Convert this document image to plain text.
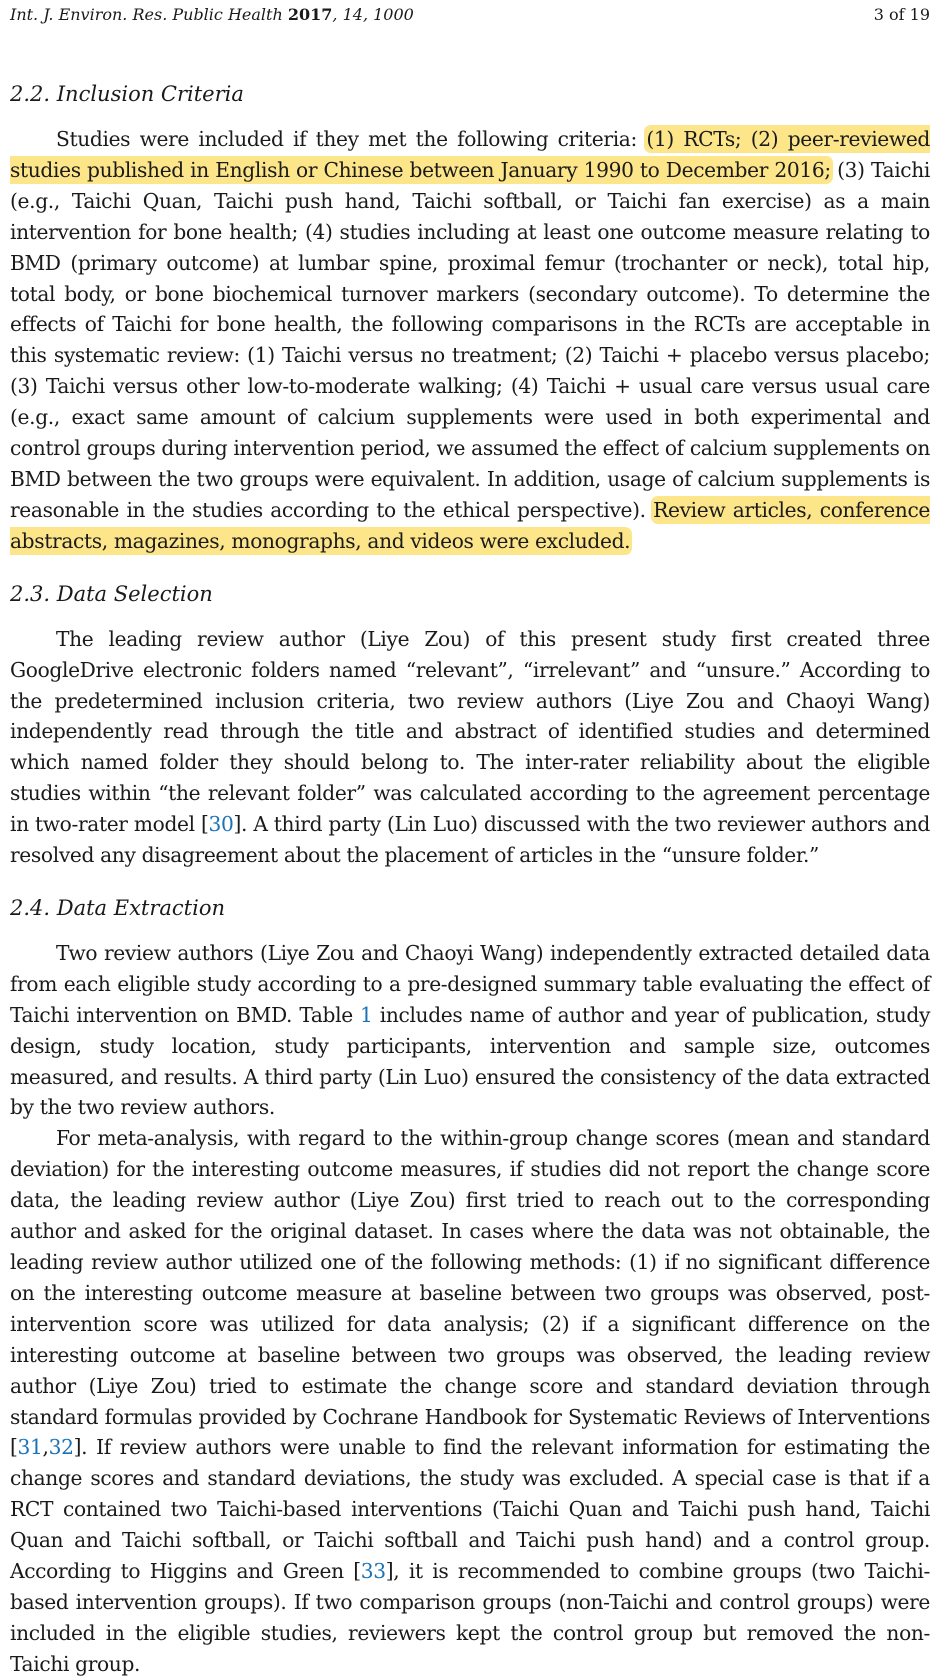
Int. J. Environ. Res. Public Health 2017, 14, 1000	3 of 19
2.2. Inclusion Criteria

Studies were included if they met the following criteria: (1) RCTs; (2) peer-reviewed studies published in English or Chinese between January 1990 to December 2016; (3) Taichi (e.g., Taichi Quan, Taichi push hand, Taichi softball, or Taichi fan exercise) as a main intervention for bone health; (4) studies including at least one outcome measure relating to BMD (primary outcome) at lumbar spine, proximal femur (trochanter or neck), total hip, total body, or bone biochemical turnover markers (secondary outcome). To determine the effects of Taichi for bone health, the following comparisons in the RCTs are acceptable in this systematic review: (1) Taichi versus no treatment; (2) Taichi + placebo versus placebo; (3) Taichi versus other low-to-moderate walking; (4) Taichi + usual care versus usual care (e.g., exact same amount of calcium supplements were used in both experimental and control groups during intervention period, we assumed the effect of calcium supplements on BMD between the two groups were equivalent. In addition, usage of calcium supplements is reasonable in the studies according to the ethical perspective). Review articles, conference abstracts, magazines, monographs, and videos were excluded.

2.3. Data Selection

The leading review author (Liye Zou) of this present study first created three GoogleDrive electronic folders named “relevant”, “irrelevant” and “unsure.” According to the predetermined inclusion criteria, two review authors (Liye Zou and Chaoyi Wang) independently read through the title and abstract of identified studies and determined which named folder they should belong to. The inter-rater reliability about the eligible studies within “the relevant folder” was calculated according to the agreement percentage in two-rater model [30]. A third party (Lin Luo) discussed with the two reviewer authors and resolved any disagreement about the placement of articles in the “unsure folder.”

2.4. Data Extraction

Two review authors (Liye Zou and Chaoyi Wang) independently extracted detailed data from each eligible study according to a pre-designed summary table evaluating the effect of Taichi intervention on BMD. Table 1 includes name of author and year of publication, study design, study location, study participants, intervention and sample size, outcomes measured, and results. A third party (Lin Luo) ensured the consistency of the data extracted by the two review authors.

For meta-analysis, with regard to the within-group change scores (mean and standard deviation) for the interesting outcome measures, if studies did not report the change score data, the leading review author (Liye Zou) first tried to reach out to the corresponding author and asked for the original dataset. In cases where the data was not obtainable, the leading review author utilized one of the following methods: (1) if no significant difference on the interesting outcome measure at baseline between two groups was observed, post-intervention score was utilized for data analysis; (2) if a significant difference on the interesting outcome at baseline between two groups was observed, the leading review author (Liye Zou) tried to estimate the change score and standard deviation through standard formulas provided by Cochrane Handbook for Systematic Reviews of Interventions [31,32]. If review authors were unable to find the relevant information for estimating the change scores and standard deviations, the study was excluded. A special case is that if a RCT contained two Taichi-based interventions (Taichi Quan and Taichi push hand, Taichi Quan and Taichi softball, or Taichi softball and Taichi push hand) and a control group. According to Higgins and Green [33], it is recommended to combine groups (two Taichi-based intervention groups). If two comparison groups (non-Taichi and control groups) were included in the eligible studies, reviewers kept the control group but removed the non-Taichi group.
